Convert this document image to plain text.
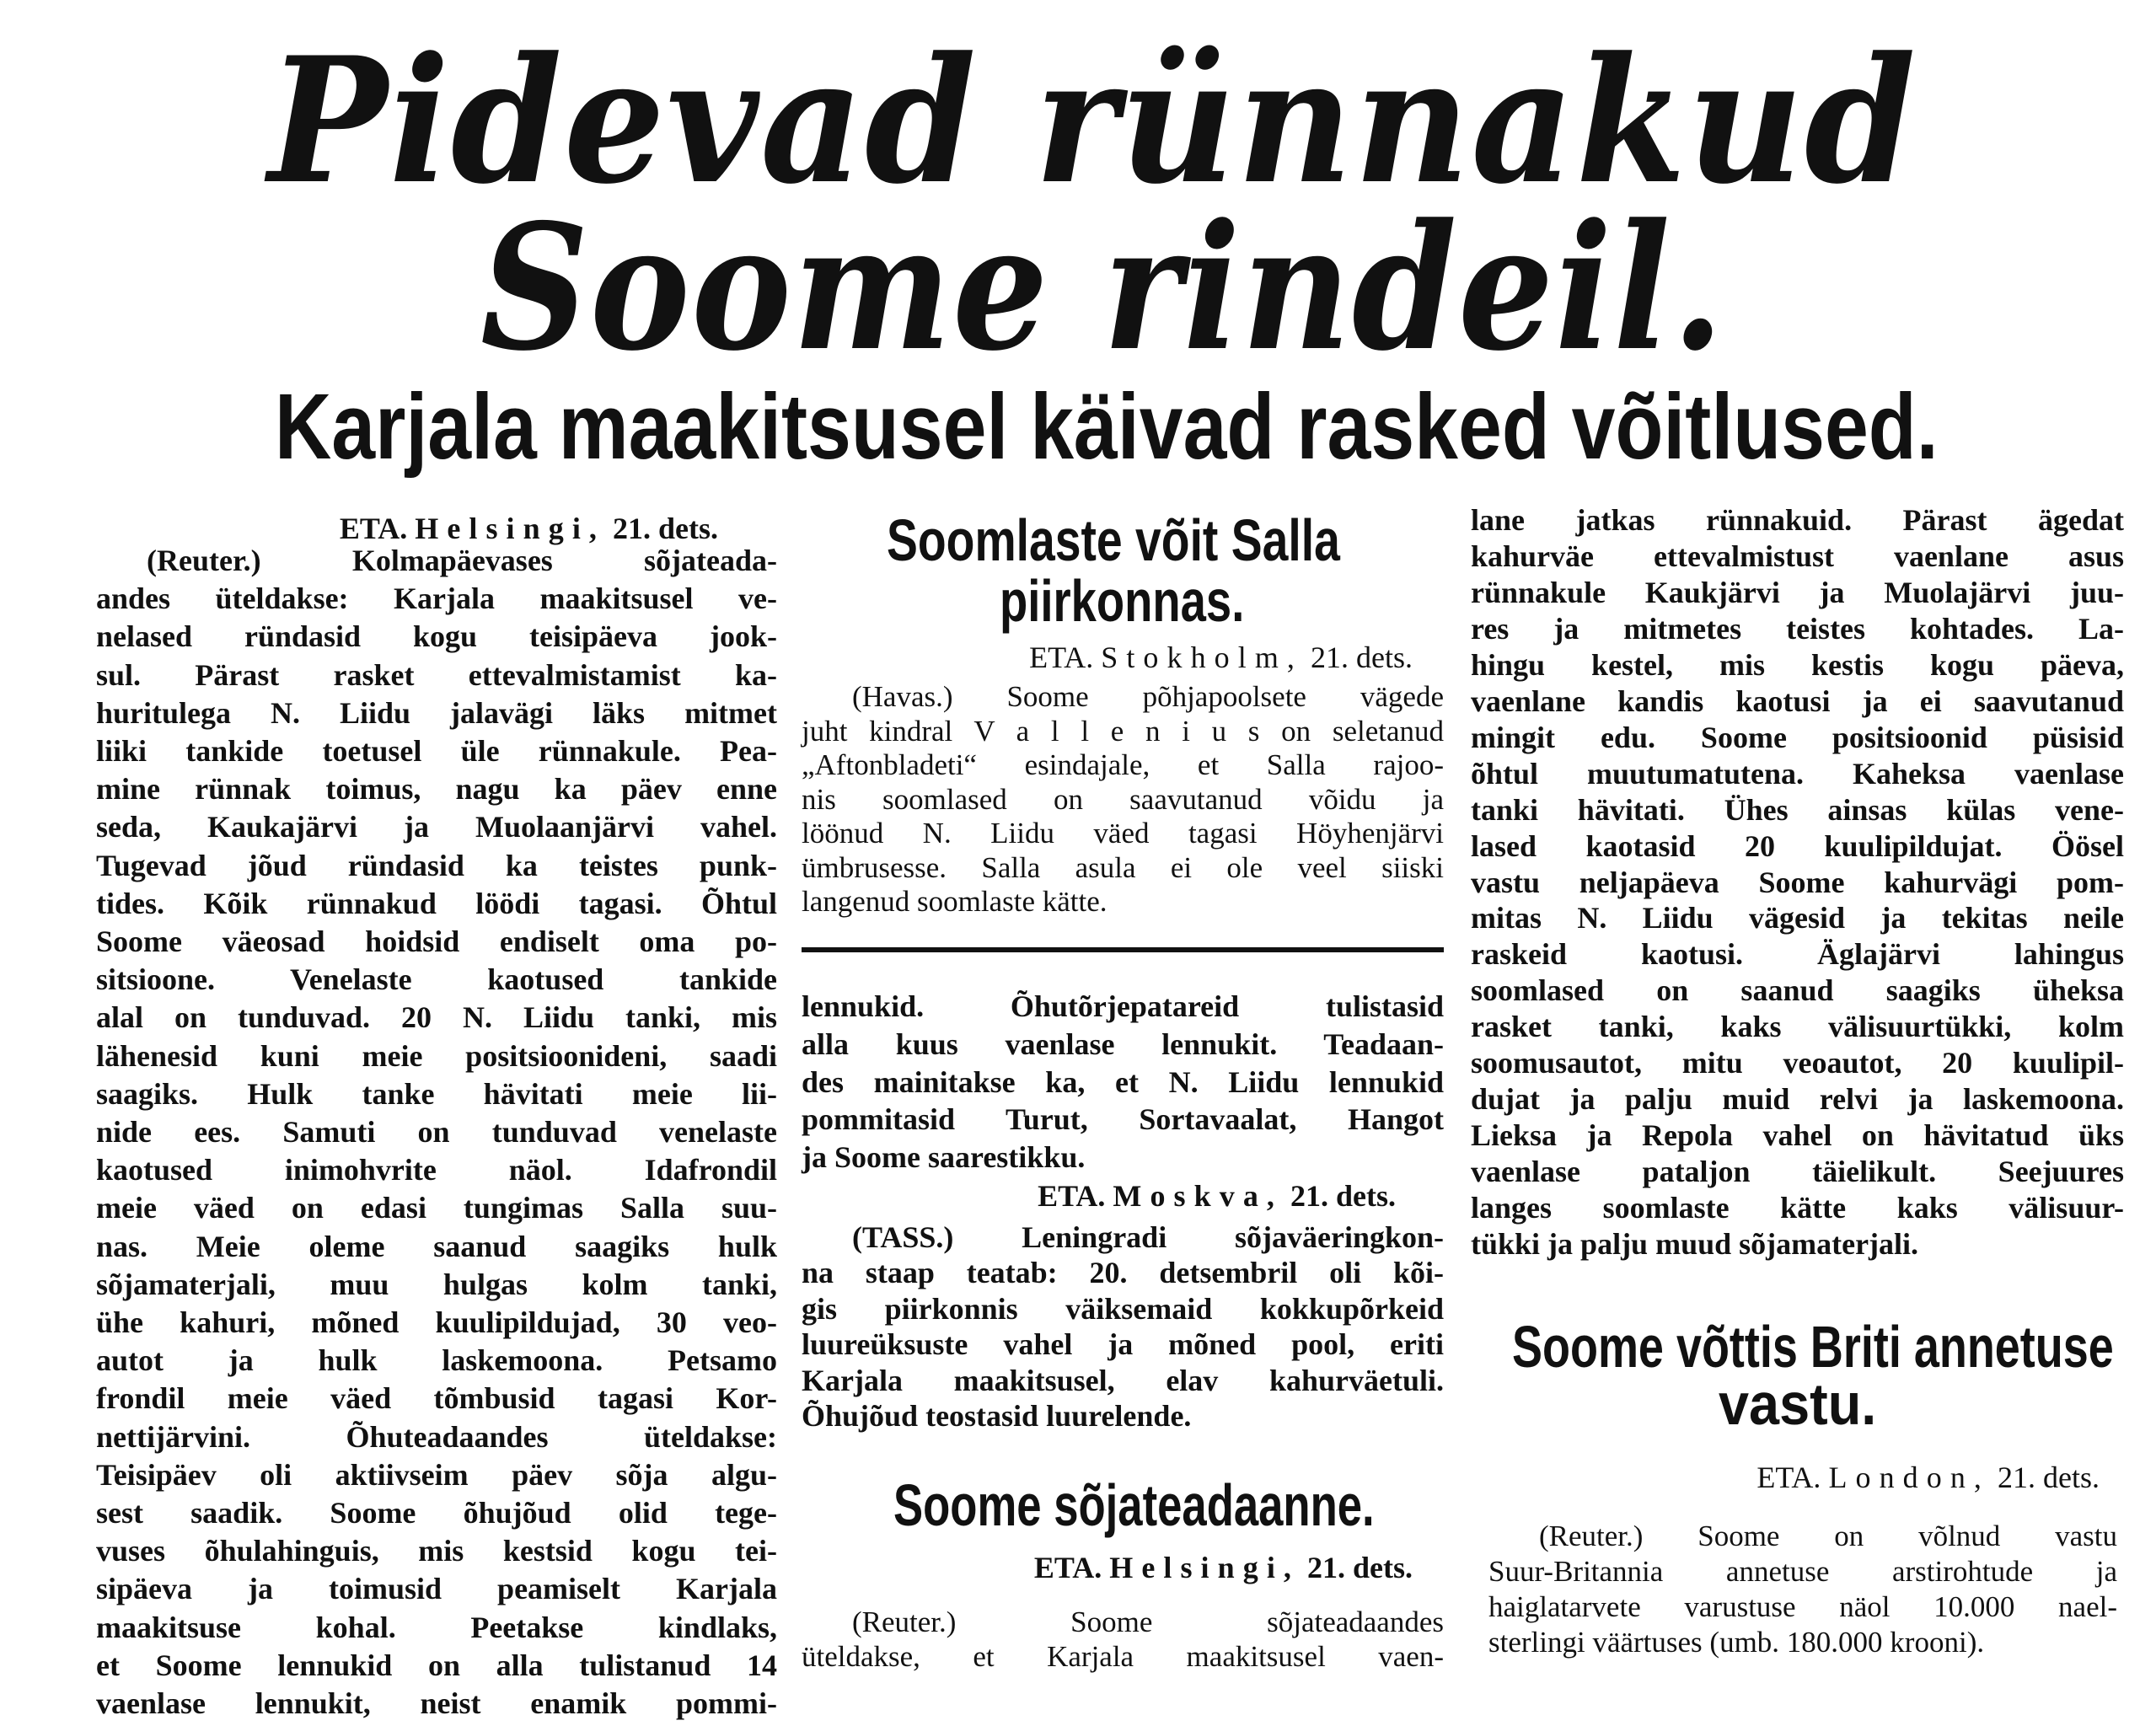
Pidevad rünnakud
Soome rindeil.
Karjala maakitsusel käivad rasked võitlused.
ETA. Helsingi, 21. dets.
(Reuter.) Kolmapäevases sõjateada-
andes üteldakse: Karjala maakitsusel ve-
nelased ründasid kogu teisipäeva jook-
sul. Pärast rasket ettevalmistamist ka-
huritulega N. Liidu jalavägi läks mitmet
liiki tankide toetusel üle rünnakule. Pea-
mine rünnak toimus, nagu ka päev enne
seda, Kaukajärvi ja Muolaanjärvi vahel.
Tugevad jõud ründasid ka teistes punk-
tides. Kõik rünnakud löödi tagasi. Õhtul
Soome väeosad hoidsid endiselt oma po-
sitsioone. Venelaste kaotused tankide
alal on tunduvad. 20 N. Liidu tanki, mis
lähenesid kuni meie positsioonideni, saadi
saagiks. Hulk tanke hävitati meie lii-
nide ees. Samuti on tunduvad venelaste
kaotused inimohvrite näol. Idafrondil
meie väed on edasi tungimas Salla suu-
nas. Meie oleme saanud saagiks hulk
sõjamaterjali, muu hulgas kolm tanki,
ühe kahuri, mõned kuulipildujad, 30 veo-
autot ja hulk laskemoona. Petsamo
frondil meie väed tõmbusid tagasi Kor-
nettijärvini. Õhuteadaandes üteldakse:
Teisipäev oli aktiivseim päev sõja algu-
sest saadik. Soome õhujõud olid tege-
vuses õhulahinguis, mis kestsid kogu tei-
sipäeva ja toimusid peamiselt Karjala
maakitsuse kohal. Peetakse kindlaks,
et Soome lennukid on alla tulistanud 14
vaenlase lennukit, neist enamik pommi-
Soomlaste võit Salla
piirkonnas.
ETA. Stokholm, 21. dets.
(Havas.) Soome põhjapoolsete vägede
juht kindral V a l l e n i u s on seletanud
„Aftonbladeti“ esindajale, et Salla rajoo-
nis soomlased on saavutanud võidu ja
löönud N. Liidu väed tagasi Höyhenjärvi
ümbrusesse. Salla asula ei ole veel siiski
langenud soomlaste kätte.
lennukid. Õhutõrjepatareid tulistasid
alla kuus vaenlase lennukit. Teadaan-
des mainitakse ka, et N. Liidu lennukid
pommitasid Turut, Sortavaalat, Hangot
ja Soome saarestikku.
ETA. Moskva, 21. dets.
(TASS.) Leningradi sõjaväeringkon-
na staap teatab: 20. detsembril oli kõi-
gis piirkonnis väiksemaid kokkupõrkeid
luureüksuste vahel ja mõned pool, eriti
Karjala maakitsusel, elav kahurväetuli.
Õhujõud teostasid luurelende.
Soome sõjateadaanne.
ETA. Helsingi, 21. dets.
(Reuter.) Soome sõjateadaandes
üteldakse, et Karjala maakitsusel vaen-
lane jatkas rünnakuid. Pärast ägedat
kahurväe ettevalmistust vaenlane asus
rünnakule Kaukjärvi ja Muolajärvi juu-
res ja mitmetes teistes kohtades. La-
hingu kestel, mis kestis kogu päeva,
vaenlane kandis kaotusi ja ei saavutanud
mingit edu. Soome positsioonid püsisid
õhtul muutumatutena. Kaheksa vaenlase
tanki hävitati. Ühes ainsas külas vene-
lased kaotasid 20 kuulipildujat. Öösel
vastu neljapäeva Soome kahurvägi pom-
mitas N. Liidu vägesid ja tekitas neile
raskeid kaotusi. Äglajärvi lahingus
soomlased on saanud saagiks üheksa
rasket tanki, kaks välisuurtükki, kolm
soomusautot, mitu veoautot, 20 kuulipil-
dujat ja palju muid relvi ja laskemoona.
Lieksa ja Repola vahel on hävitatud üks
vaenlase pataljon täielikult. Seejuures
langes soomlaste kätte kaks välisuur-
tükki ja palju muud sõjamaterjali.
Soome võttis Briti annetuse
vastu.
ETA. London, 21. dets.
(Reuter.) Soome on võlnud vastu
Suur-Britannia annetuse arstirohtude ja
haiglatarvete varustuse näol 10.000 nael-
sterlingi väärtuses (umb. 180.000 krooni).
